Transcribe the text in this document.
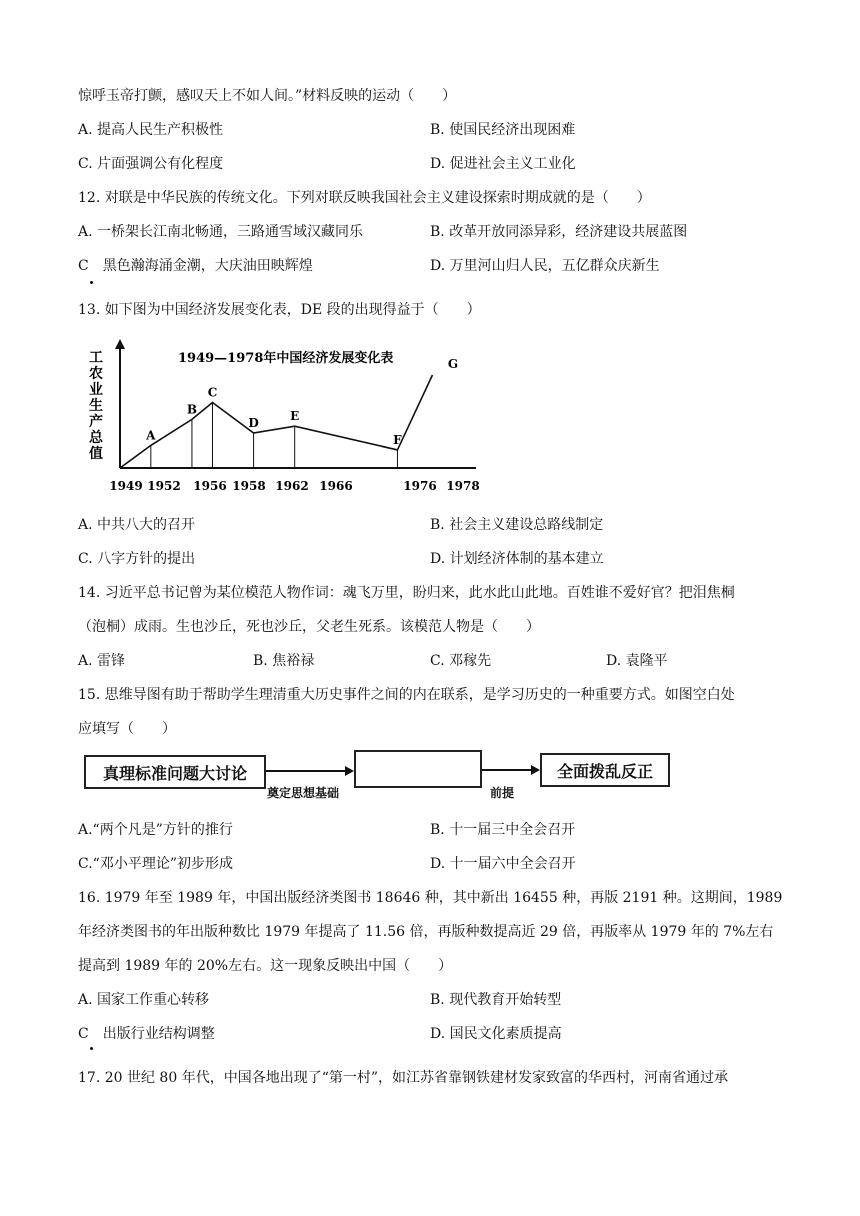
惊呼玉帝打颤，感叹天上不如人间。”材料反映的运动（　　）
A. 提高人民生产积极性	B. 使国民经济出现困难
C. 片面强调公有化程度	D. 促进社会主义工业化
12. 对联是中华民族的传统文化。下列对联反映我国社会主义建设探索时期成就的是（　　）
A. 一桥架长江南北畅通，三路通雪域汉藏同乐	B. 改革开放同添异彩，经济建设共展蓝图
C　黑色瀚海涌金潮，大庆油田映辉煌	D. 万里河山归人民，五亿群众庆新生
13. 如下图为中国经济发展变化表，DE 段的出现得益于（　　）
工
农
业
生
产
总
值
1949—1978年中国经济发展变化表
A
B
C
D	E
F
G
1949 1952 1956 1958 1962 1966	1976 1978
A. 中共八大的召开	B. 社会主义建设总路线制定
C. 八字方针的提出	D. 计划经济体制的基本建立
14. 习近平总书记曾为某位模范人物作词：魂飞万里，盼归来，此水此山此地。百姓谁不爱好官？把泪焦桐
（泡桐）成雨。生也沙丘，死也沙丘，父老生死系。该模范人物是（　　）
A. 雷锋	B. 焦裕禄	C. 邓稼先	D. 袁隆平
15. 思维导图有助于帮助学生理清重大历史事件之间的内在联系，是学习历史的一种重要方式。如图空白处
应填写（　　）
真理标准问题大讨论	全面拨乱反正
奠定思想基础	前提
A.“两个凡是”方针的推行	B. 十一届三中全会召开
C.“邓小平理论”初步形成	D. 十一届六中全会召开
16. 1979 年至 1989 年，中国出版经济类图书 18646 种，其中新出 16455 种，再版 2191 种。这期间，1989
年经济类图书的年出版种数比 1979 年提高了 11.56 倍，再版种数提高近 29 倍，再版率从 1979 年的 7%左右
提高到 1989 年的 20%左右。这一现象反映出中国（　　）
A. 国家工作重心转移	B. 现代教育开始转型
C　出版行业结构调整	D. 国民文化素质提高
17. 20 世纪 80 年代，中国各地出现了“第一村”，如江苏省靠钢铁建材发家致富的华西村，河南省通过承
